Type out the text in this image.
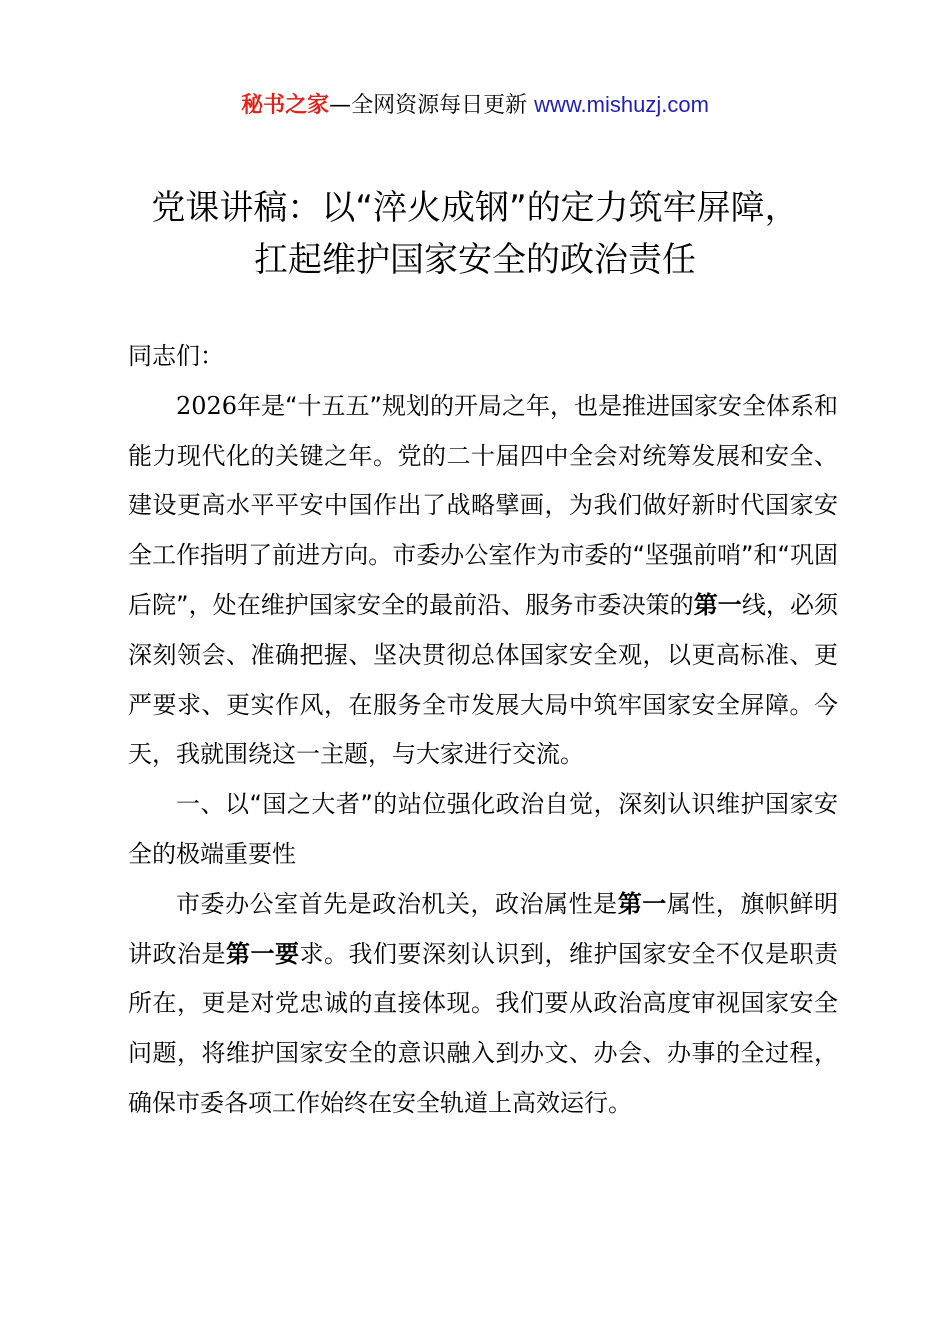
秘书之家—全网资源每日更新 www.mishuzj.com
党课讲稿：以“淬火成钢”的定力筑牢屏障，
扛起维护国家安全的政治责任

同志们：

2026年是“十五五”规划的开局之年，也是推进国家安全体系和能力现代化的关键之年。党的二十届四中全会对统筹发展和安全、建设更高水平平安中国作出了战略擘画，为我们做好新时代国家安全工作指明了前进方向。市委办公室作为市委的“坚强前哨”和“巩固后院”，处在维护国家安全的最前沿、服务市委决策的第一线，必须深刻领会、准确把握、坚决贯彻总体国家安全观，以更高标准、更严要求、更实作风，在服务全市发展大局中筑牢国家安全屏障。今天，我就围绕这一主题，与大家进行交流。

一、以“国之大者”的站位强化政治自觉，深刻认识维护国家安全的极端重要性

市委办公室首先是政治机关，政治属性是第一属性，旗帜鲜明讲政治是第一要求。我们要深刻认识到，维护国家安全不仅是职责所在，更是对党忠诚的直接体现。我们要从政治高度审视国家安全问题，将维护国家安全的意识融入到办文、办会、办事的全过程，确保市委各项工作始终在安全轨道上高效运行。
